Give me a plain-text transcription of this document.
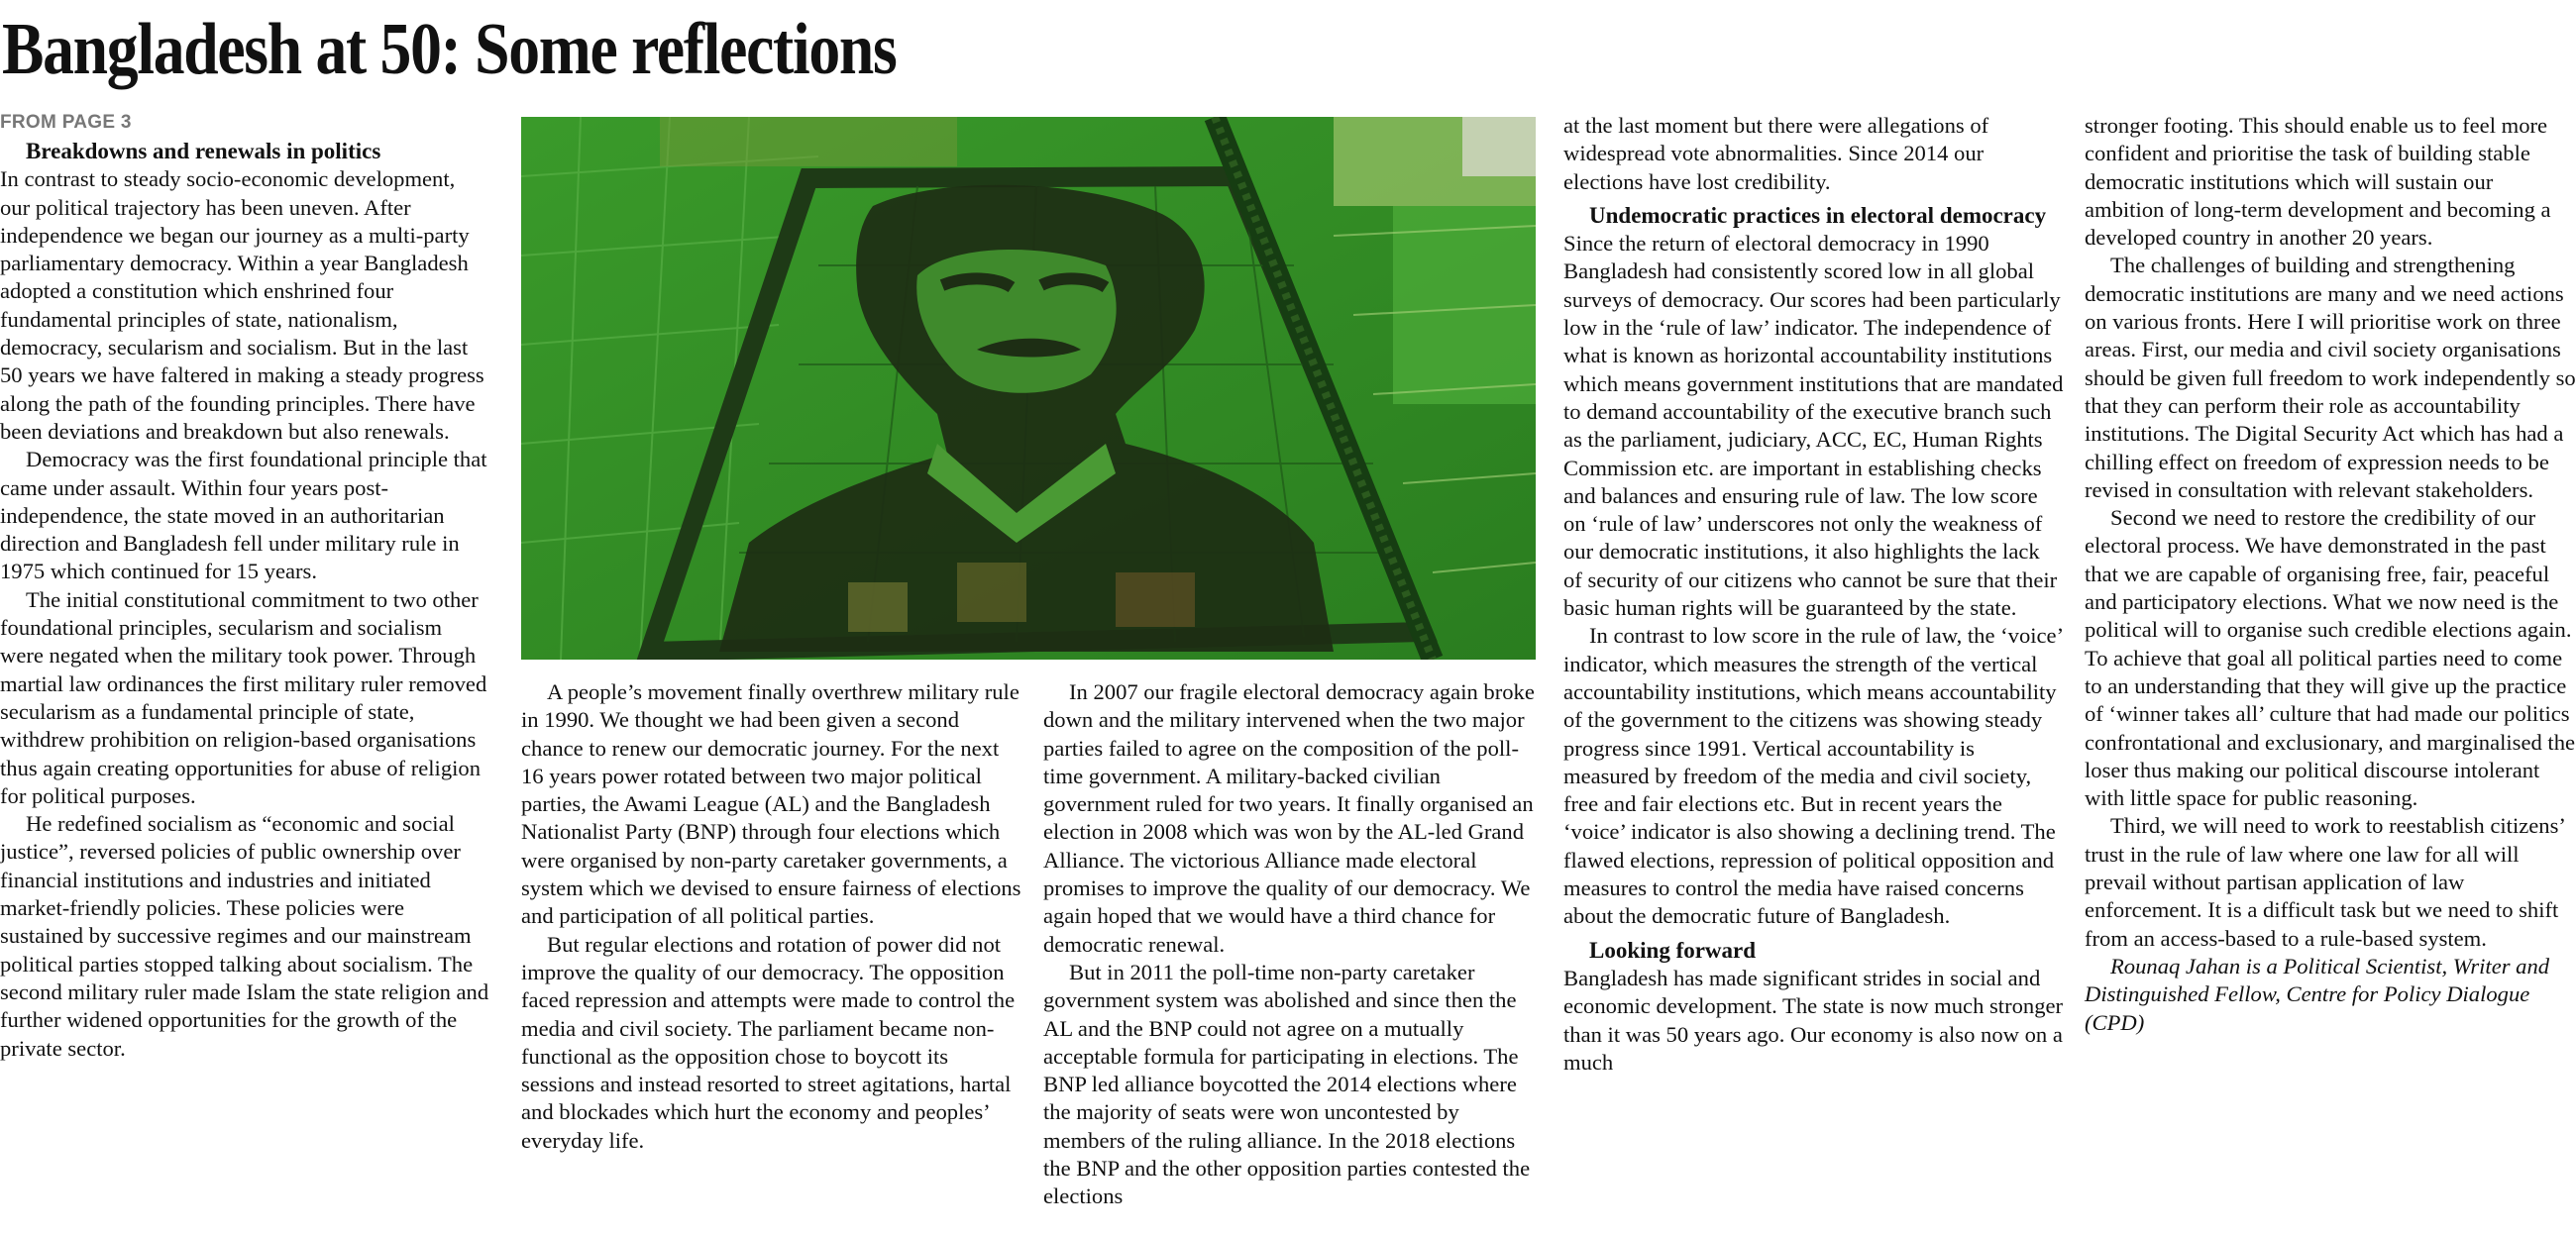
Bangladesh at 50: Some reflections
FROM PAGE 3

Breakdowns and renewals in politics

In contrast to steady socio-economic development, our political trajectory has been uneven. After independence we began our journey as a multi-party parliamentary democracy. Within a year Bangladesh adopted a constitution which enshrined four fundamental principles of state, nationalism, democracy, secularism and socialism. But in the last 50 years we have faltered in making a steady progress along the path of the founding principles. There have been deviations and breakdown but also renewals.

Democracy was the first foundational principle that came under assault. Within four years post-independence, the state moved in an authoritarian direction and Bangladesh fell under military rule in 1975 which continued for 15 years.

The initial constitutional commitment to two other foundational principles, secularism and socialism were negated when the military took power. Through martial law ordinances the first military ruler removed secularism as a fundamental principle of state, withdrew prohibition on religion-based organisations thus again creating opportunities for abuse of religion for political purposes.

He redefined socialism as “economic and social justice”, reversed policies of public ownership over financial institutions and industries and initiated market-friendly policies. These policies were sustained by successive regimes and our mainstream political parties stopped talking about socialism. The second military ruler made Islam the state religion and further widened opportunities for the growth of the private sector.

A people’s movement finally overthrew military rule in 1990. We thought we had been given a second chance to renew our democratic journey. For the next 16 years power rotated between two major political parties, the Awami League (AL) and the Bangladesh Nationalist Party (BNP) through four elections which were organised by non-party caretaker governments, a system which we devised to ensure fairness of elections and participation of all political parties.

But regular elections and rotation of power did not improve the quality of our democracy. The opposition faced repression and attempts were made to control the media and civil society. The parliament became non-functional as the opposition chose to boycott its sessions and instead resorted to street agitations, hartal and blockades which hurt the economy and peoples’ everyday life.

In 2007 our fragile electoral democracy again broke down and the military intervened when the two major parties failed to agree on the composition of the poll-time government. A military-backed civilian government ruled for two years. It finally organised an election in 2008 which was won by the AL-led Grand Alliance. The victorious Alliance made electoral promises to improve the quality of our democracy. We again hoped that we would have a third chance for democratic renewal.

But in 2011 the poll-time non-party caretaker government system was abolished and since then the AL and the BNP could not agree on a mutually acceptable formula for participating in elections. The BNP led alliance boycotted the 2014 elections where the majority of seats were won uncontested by members of the ruling alliance. In the 2018 elections the BNP and the other opposition parties contested the elections

at the last moment but there were allegations of widespread vote abnormalities. Since 2014 our elections have lost credibility.

Undemocratic practices in electoral democracy

Since the return of electoral democracy in 1990 Bangladesh had consistently scored low in all global surveys of democracy. Our scores had been particularly low in the ‘rule of law’ indicator. The independence of what is known as horizontal accountability institutions which means government institutions that are mandated to demand accountability of the executive branch such as the parliament, judiciary, ACC, EC, Human Rights Commission etc. are important in establishing checks and balances and ensuring rule of law. The low score on ‘rule of law’ underscores not only the weakness of our democratic institutions, it also highlights the lack of security of our citizens who cannot be sure that their basic human rights will be guaranteed by the state.

In contrast to low score in the rule of law, the ‘voice’ indicator, which measures the strength of the vertical accountability institutions, which means accountability of the government to the citizens was showing steady progress since 1991. Vertical accountability is measured by freedom of the media and civil society, free and fair elections etc. But in recent years the ‘voice’ indicator is also showing a declining trend. The flawed elections, repression of political opposition and measures to control the media have raised concerns about the democratic future of Bangladesh.

Looking forward

Bangladesh has made significant strides in social and economic development. The state is now much stronger than it was 50 years ago. Our economy is also now on a much

stronger footing. This should enable us to feel more confident and prioritise the task of building stable democratic institutions which will sustain our ambition of long-term development and becoming a developed country in another 20 years.

The challenges of building and strengthening democratic institutions are many and we need actions on various fronts. Here I will prioritise work on three areas. First, our media and civil society organisations should be given full freedom to work independently so that they can perform their role as accountability institutions. The Digital Security Act which has had a chilling effect on freedom of expression needs to be revised in consultation with relevant stakeholders.

Second we need to restore the credibility of our electoral process. We have demonstrated in the past that we are capable of organising free, fair, peaceful and participatory elections. What we now need is the political will to organise such credible elections again. To achieve that goal all political parties need to come to an understanding that they will give up the practice of ‘winner takes all’ culture that had made our politics confrontational and exclusionary, and marginalised the loser thus making our political discourse intolerant with little space for public reasoning.

Third, we will need to work to reestablish citizens’ trust in the rule of law where one law for all will prevail without partisan application of law enforcement. It is a difficult task but we need to shift from an access-based to a rule-based system.

Rounaq Jahan is a Political Scientist, Writer and Distinguished Fellow, Centre for Policy Dialogue (CPD)
